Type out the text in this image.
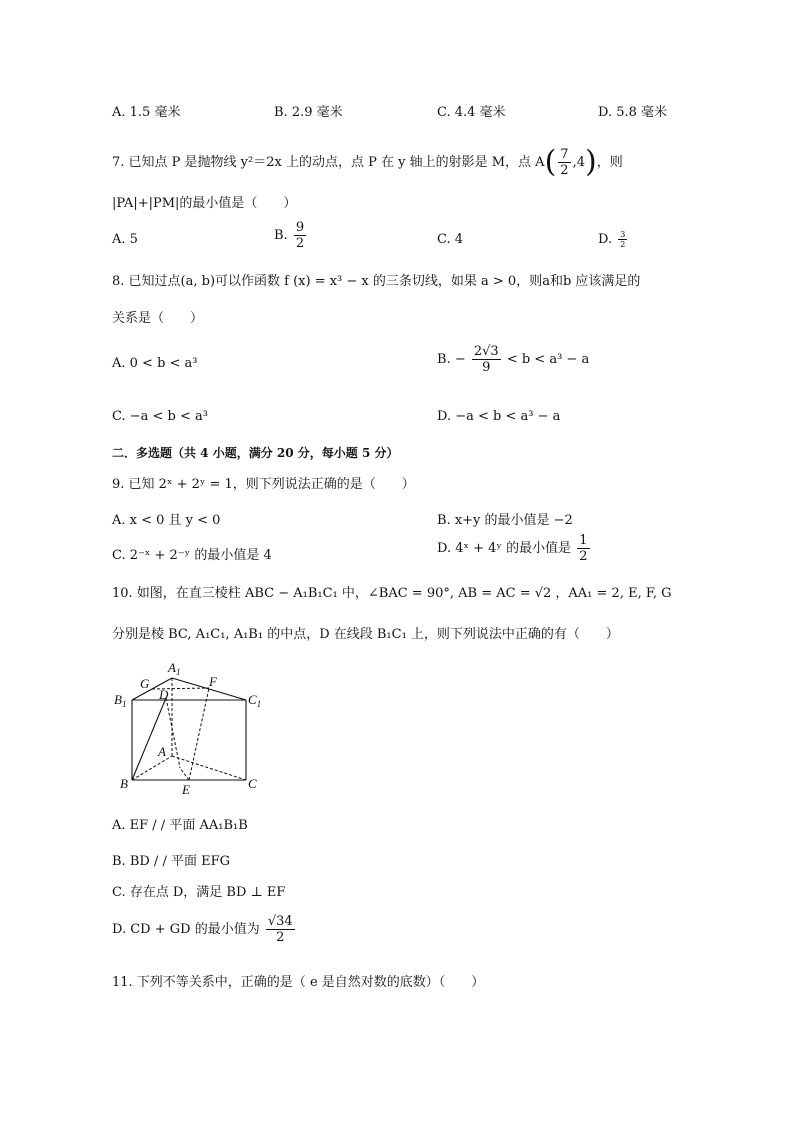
A. 1.5 毫米	B. 2.9 毫米	C. 4.4 毫米	D. 5.8 毫米
7. 已知点 P 是抛物线 y²＝2x 上的动点，点 P 在 y 轴上的射影是 M，点 $A( \frac{7}{2} ,4)$，则
|PA|+|PM|的最小值是（　　）
A. 5	B. $\frac{9}{2}$	C. 4	D. $\frac{3}{2}$
8. 已知过点(a, b)可以作函数 f (x) = x³ − x 的三条切线，如果 a > 0，则a和b 应该满足的
关系是（　　）
A. 0 < b < a³	B. − $\frac{2√3}{9} < b < a^3 - a$
C. −a < b < a³	D. −a < b < a³ − a
二．多选题（共 4 小题，满分 20 分，每小题 5 分）
9. 已知 2ˣ + 2ʸ = 1，则下列说法正确的是（　　）
A. x < 0 且 y < 0	B. x+y 的最小值是 −2
C. 2⁻ˣ + 2⁻ʸ 的最小值是 4	D. 4ˣ + 4ʸ 的最小值是 $\frac{1}{2}$
10. 如图，在直三棱柱 ABC − A₁B₁C₁ 中，∠BAC = 90°, AB = AC = √2 ，AA₁ = 2, E, F, G
分别是棱 BC, A₁C₁, A₁B₁ 的中点，D 在线段 B₁C₁ 上，则下列说法中正确的有（　　）
$A_1$
$B_1$	$C_1$
G
D
F
A
B	C
E
A. EF / / 平面 AA₁B₁B
B. BD / / 平面 EFG
C. 存在点 D，满足 BD ⊥ EF
D. CD + GD 的最小值为 $\frac{√34}{2}$
11. 下列不等关系中，正确的是（ e 是自然对数的底数）（　　）
